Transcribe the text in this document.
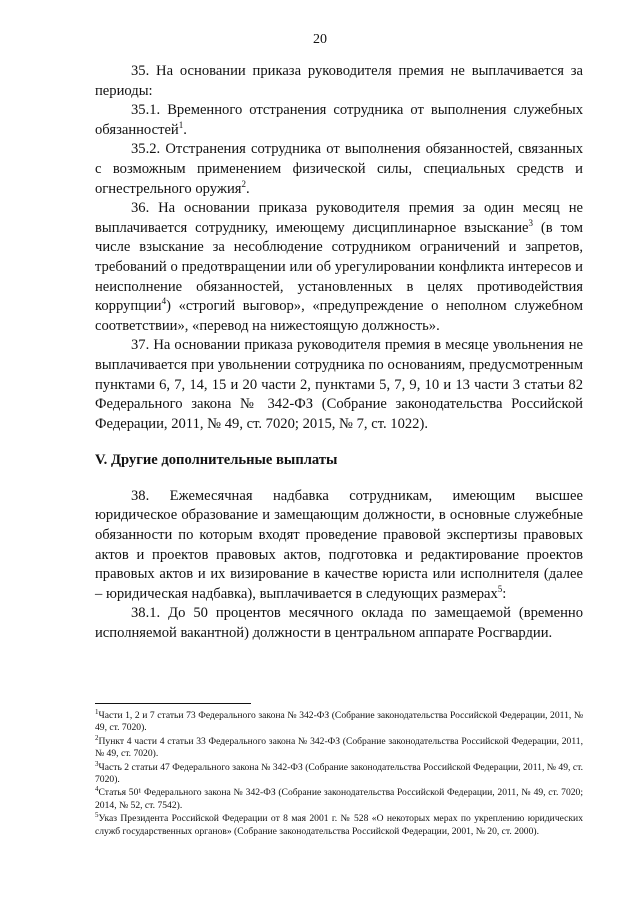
20

35. На основании приказа руководителя премия не выплачивается за периоды:

35.1. Временного отстранения сотрудника от выполнения служебных обязанностей$^1$.

35.2. Отстранения сотрудника от выполнения обязанностей, связанных с возможным применением физической силы, специальных средств и огнестрельного оружия$^2$.

36. На основании приказа руководителя премия за один месяц не выплачивается сотруднику, имеющему дисциплинарное взыскание$^3$ (в том числе взыскание за несоблюдение сотрудником ограничений и запретов, требований о предотвращении или об урегулировании конфликта интересов и неисполнение обязанностей, установленных в целях противодействия коррупции$^4$) «строгий выговор», «предупреждение о неполном служебном соответствии», «перевод на нижестоящую должность».

37. На основании приказа руководителя премия в месяце увольнения не выплачивается при увольнении сотрудника по основаниям, предусмотренным пунктами 6, 7, 14, 15 и 20 части 2, пунктами 5, 7, 9, 10 и 13 части 3 статьи 82 Федерального закона № 342-ФЗ (Собрание законодательства Российской Федерации, 2011, № 49, ст. 7020; 2015, № 7, ст. 1022).

V. Другие дополнительные выплаты

38. Ежемесячная надбавка сотрудникам, имеющим высшее юридическое образование и замещающим должности, в основные служебные обязанности по которым входят проведение правовой экспертизы правовых актов и проектов правовых актов, подготовка и редактирование проектов правовых актов и их визирование в качестве юриста или исполнителя (далее – юридическая надбавка), выплачивается в следующих размерах$^5$:

38.1. До 50 процентов месячного оклада по замещаемой (временно исполняемой вакантной) должности в центральном аппарате Росгвардии.

$^1$Части 1, 2 и 7 статьи 73 Федерального закона № 342-ФЗ (Собрание законодательства Российской Федерации, 2011, № 49, ст. 7020).

$^2$Пункт 4 части 4 статьи 33 Федерального закона № 342-ФЗ (Собрание законодательства Российской Федерации, 2011, № 49, ст. 7020).

$^3$Часть 2 статьи 47 Федерального закона № 342-ФЗ (Собрание законодательства Российской Федерации, 2011, № 49, ст. 7020).

$^4$Статья 50¹ Федерального закона № 342-ФЗ (Собрание законодательства Российской Федерации, 2011, № 49, ст. 7020; 2014, № 52, ст. 7542).

$^5$Указ Президента Российской Федерации от 8 мая 2001 г. № 528 «О некоторых мерах по укреплению юридических служб государственных органов» (Собрание законодательства Российской Федерации, 2001, № 20, ст. 2000).
